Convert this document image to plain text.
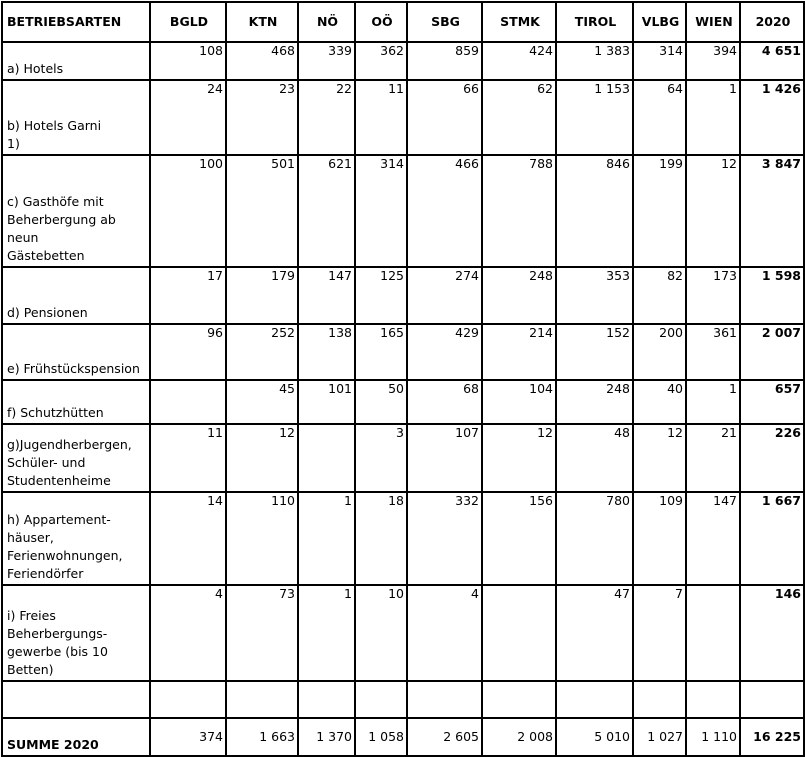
BETRIEBSARTEN	BGLD	KTN	NÖ	OÖ	SBG	STMK	TIROL	VLBG	WIEN	2020

a) Hotels	108	468	339	362	859	424	1 383	314	394	4 651

b) Hotels Garni
1)	24	23	22	11	66	62	1 153	64	1	1 426

c) Gasthöfe mit
Beherbergung ab neun
Gästebetten	100	501	621	314	466	788	846	199	12	3 847

d) Pensionen	17	179	147	125	274	248	353	82	173	1 598

e) Frühstückspension	96	252	138	165	429	214	152	200	361	2 007

f) Schutzhütten		45	101	50	68	104	248	40	1	657

g)Jugendherbergen,
Schüler- und
Studentenheime	11	12		3	107	12	48	12	21	226

h) Appartement-
häuser,
Ferienwohnungen,
Feriendörfer	14	110	1	18	332	156	780	109	147	1 667

i) Freies
Beherbergungs-
gewerbe (bis 10
Betten)	4	73	1	10	4		47	7		146

SUMME 2020	374	1 663	1 370	1 058	2 605	2 008	5 010	1 027	1 110	16 225
